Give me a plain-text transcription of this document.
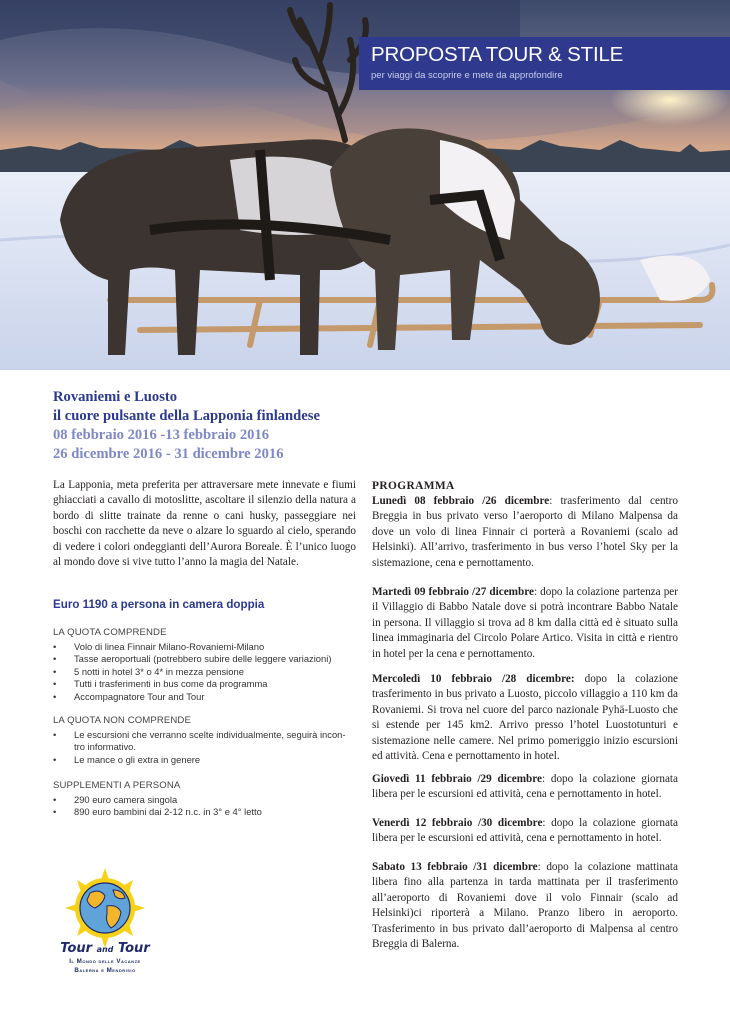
PROPOSTA TOUR & STILE
per viaggi da scoprire e mete da approfondire
Rovaniemi e Luosto
il cuore pulsante della Lapponia finlandese
08 febbraio 2016 -13 febbraio 2016
26 dicembre 2016 - 31 dicembre 2016

La Lapponia, meta preferita per attraversare mete innevate e fiumi ghiacciati a cavallo di motoslitte, ascoltare il silenzio della natura a bordo di slitte trainate da renne o cani husky, passeggiare nei boschi con racchette da neve o alzare lo sguardo al cielo, sperando di vedere i colori ondeggianti dell’Aurora Boreale. È l’unico luogo al mondo dove si vive tutto l’anno la magia del Natale.

Euro 1190 a persona in camera doppia
LA QUOTA COMPRENDE
• Volo di linea Finnair Milano-Rovaniemi-Milano
• Tasse aeroportuali (potrebbero subire delle leggere variazioni)
• 5 notti in hotel 3* o 4* in mezza pensione
• Tutti i trasferimenti in bus come da programma
• Accompagnatore Tour and Tour
LA QUOTA NON COMPRENDE
• Le escursioni che verranno scelte individualmente, seguirà incon-
tro informativo.
• Le mance o gli extra in genere
SUPPLEMENTI A PERSONA
• 290 euro camera singola
• 890 euro bambini dai 2-12 n.c. in 3° e 4° letto
PROGRAMMA

Lunedì 08 febbraio /26 dicembre: trasferimento dal centro Breggia in bus privato verso l’aeroporto di Milano Malpensa da dove un volo di linea Finnair ci porterà a Rovaniemi (scalo ad Helsinki). All’arrivo, trasferimento in bus verso l’hotel Sky per la sistemazione, cena e pernottamento.

Martedì 09 febbraio /27 dicembre: dopo la colazione partenza per il Villaggio di Babbo Natale dove si potrà incontrare Babbo Natale in persona. Il villaggio si trova ad 8 km dalla città ed è situato sulla linea immaginaria del Circolo Polare Artico. Visita in città e rientro in hotel per la cena e pernottamento.

Mercoledì 10 febbraio /28 dicembre: dopo la colazione trasferimento in bus privato a Luosto, piccolo villaggio a 110 km da Rovaniemi. Si trova nel cuore del parco nazionale Pyhä-Luosto che si estende per 145 km2. Arrivo presso l’hotel Luostotunturi e sistemazione nelle camere. Nel primo pomeriggio inizio escursioni ed attività. Cena e pernottamento in hotel.

Giovedì 11 febbraio /29 dicembre: dopo la colazione giornata libera per le escursioni ed attività, cena e pernottamento in hotel.

Venerdì 12 febbraio /30 dicembre: dopo la colazione giornata libera per le escursioni ed attività, cena e pernottamento in hotel.

Sabato 13 febbraio /31 dicembre: dopo la colazione mattinata libera fino alla partenza in tarda mattinata per il trasferimento all’aeroporto di Rovaniemi dove il volo Finnair (scalo ad Helsinki)ci riporterà a Milano. Pranzo libero in aeroporto. Trasferimento in bus privato dall’aeroporto di Malpensa al centro Breggia di Balerna.

Tour and Tour
Il Mondo delle Vacanze
Balerna e Mendrisio
